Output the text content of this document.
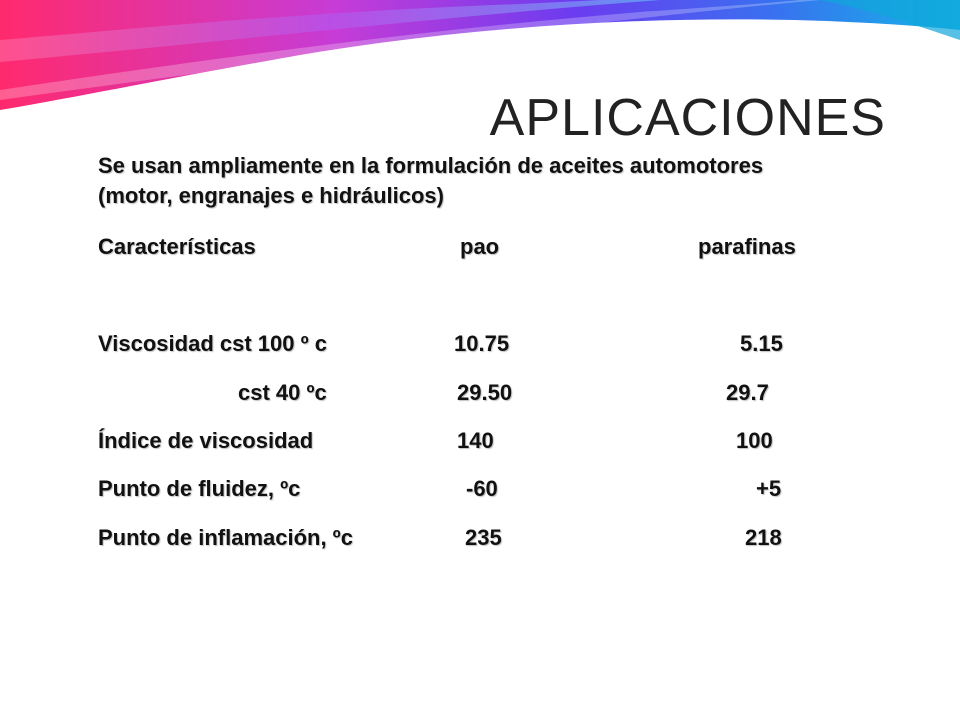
APLICACIONES
Se usan ampliamente en la formulación de aceites automotores
(motor, engranajes e hidráulicos)
Características	pao	parafinas
Viscosidad cst 100 º c	10.75	5.15
cst 40 ºc	29.50	29.7
Índice de viscosidad	140	100
Punto de fluidez, ºc	-60	+5
Punto de inflamación, ºc	235	218
